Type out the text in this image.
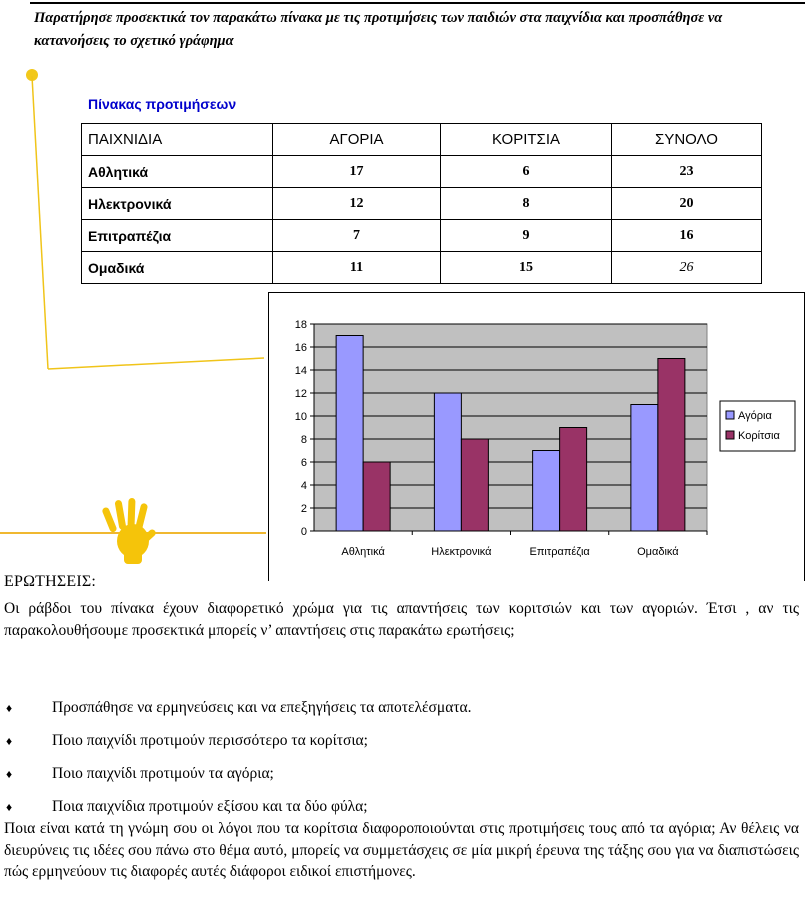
Παρατήρησε προσεκτικά τον παρακάτω πίνακα με τις προτιμήσεις των παιδιών στα παιχνίδια και προσπάθησε να κατανοήσεις το σχετικό γράφημα
Πίνακας προτιμήσεων
ΠΑΙΧΝΙΔΙΑ	ΑΓΟΡΙΑ	ΚΟΡΙΤΣΙΑ	ΣΥΝΟΛΟ
Αθλητικά	17	6	23
Ηλεκτρονικά	12	8	20
Επιτραπέζια	7	9	16
Ομαδικά	11	15	26
0
2
4
6
8
10
12
14
16
18
Αθλητικά	Ηλεκτρονικά	Επιτραπέζια	Ομαδικά
Αγόρια
Κορίτσια
ΕΡΩΤΗΣΕΙΣ:
Οι ράβδοι του πίνακα έχουν διαφορετικό χρώμα για τις απαντήσεις των κοριτσιών και των αγοριών. Έτσι , αν τις παρακολουθήσουμε προσεκτικά μπορείς ν’ απαντήσεις στις παρακάτω ερωτήσεις;
♦	Προσπάθησε να ερμηνεύσεις και να επεξηγήσεις τα αποτελέσματα.
♦	Ποιο παιχνίδι προτιμούν περισσότερο τα κορίτσια;
♦	Ποιο παιχνίδι προτιμούν τα αγόρια;
♦	Ποια παιχνίδια προτιμούν εξίσου και τα δύο φύλα;
Ποια είναι κατά τη γνώμη σου οι λόγοι που τα κορίτσια διαφοροποιούνται στις προτιμήσεις τους από τα αγόρια; Αν θέλεις να διευρύνεις τις ιδέες σου πάνω στο θέμα αυτό, μπορείς να συμμετάσχεις σε μία μικρή έρευνα της τάξης σου για να διαπιστώσεις πώς ερμηνεύουν τις διαφορές αυτές διάφοροι ειδικοί επιστήμονες.
